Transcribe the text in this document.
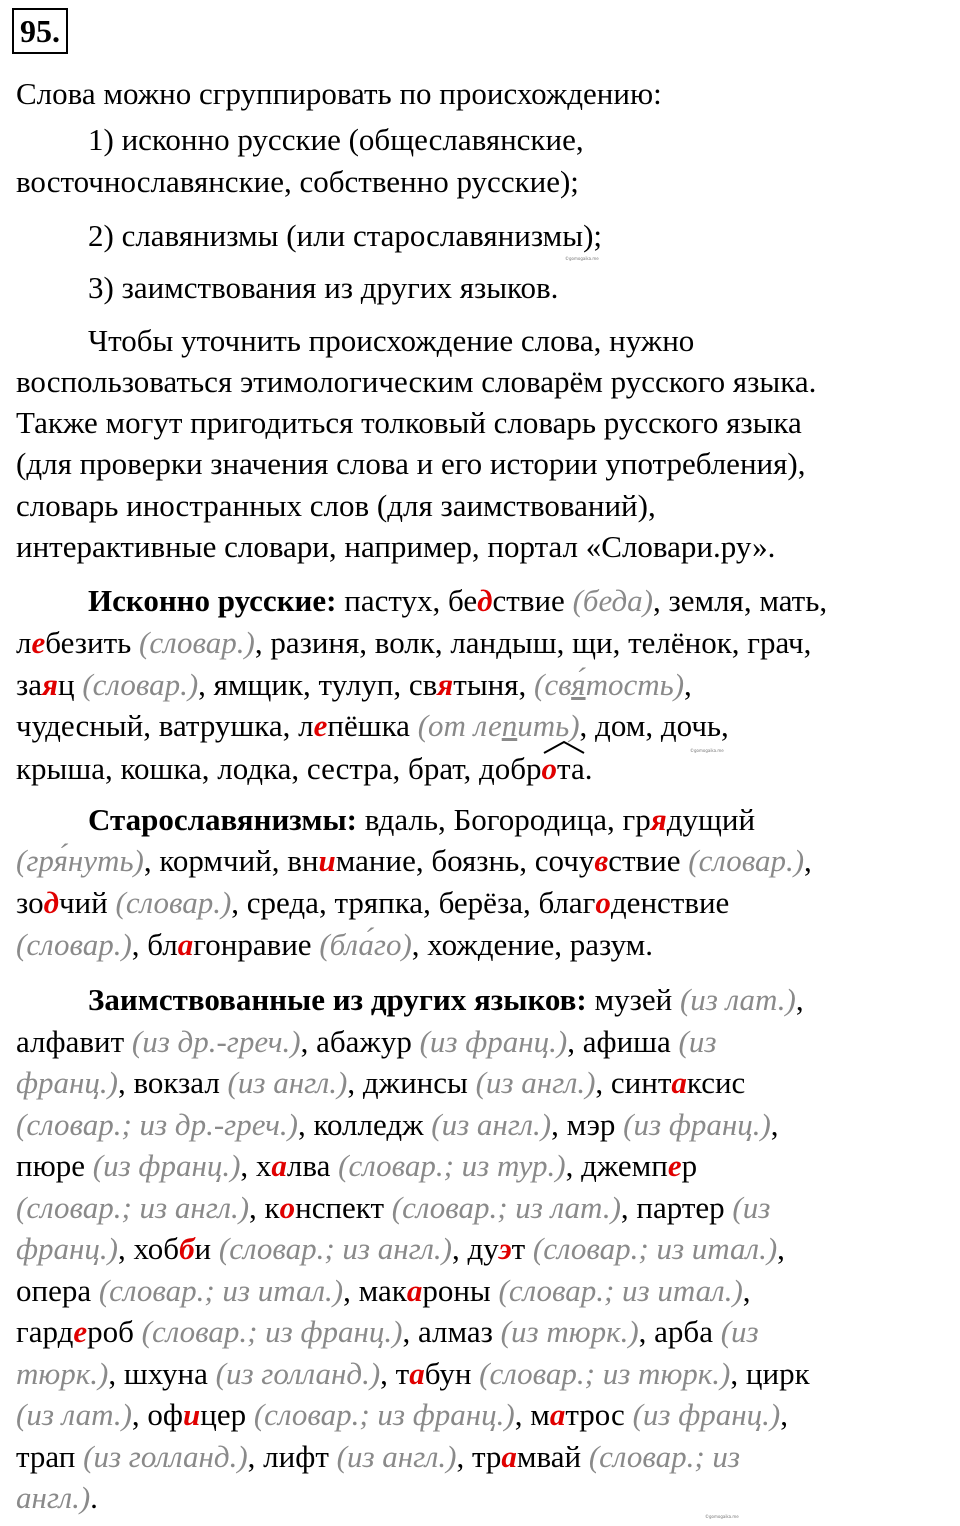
95.
Слова можно сгруппировать по происхождению:
1) исконно русские (общеславянские,
восточнославянские, собственно русские);
2) славянизмы (или старославянизмы);
3) заимствования из других языков.
Чтобы уточнить происхождение слова, нужно
воспользоваться этимологическим словарём русского языка.
Также могут пригодиться толковый словарь русского языка
(для проверки значения слова и его истории употребления),
словарь иностранных слов (для заимствований),
интерактивные словари, например, портал «Словари.ру».
Исконно русские: пастух, бедствие (беда), земля, мать,
лебезить (словар.), разиня, волк, ландыш, щи, телёнок, грач,
заяц (словар.), ямщик, тулуп, святыня, (свя́тость),
чудесный, ватрушка, лепёшка (от лепить), дом, дочь,
крыша, кошка, лодка, сестра, брат, добр
ота.
Старославянизмы: вдаль, Богородица, грядущий
(гря́нуть), кормчий, внимание, боязнь, сочувствие (словар.),
зодчий (словар.), среда, тряпка, берёза, благоденствие
(словар.), благонравие (бла́го), хождение, разум.
Заимствованные из других языков: музей (из лат.),
алфавит (из др.-греч.), абажур (из франц.), афиша (из
франц.), вокзал (из англ.), джинсы (из англ.), синтаксис
(словар.; из др.-греч.), колледж (из англ.), мэр (из франц.),
пюре (из франц.), халва (словар.; из тур.), джемпер
(словар.; из англ.), конспект (словар.; из лат.), партер (из
франц.), хобби (словар.; из англ.), дуэт (словар.; из итал.),
опера (словар.; из итал.), макароны (словар.; из итал.),
гардероб (словар.; из франц.), алмаз (из тюрк.), арба (из
тюрк.), шхуна (из голланд.), табун (словар.; из тюрк.), цирк
(из лат.), офицер (словар.; из франц.), матрос (из франц.),
трап (из голланд.), лифт (из англ.), трамвай (словар.; из
англ.).
©gomogaika.me
©gomogaika.me
©gomogaika.me
